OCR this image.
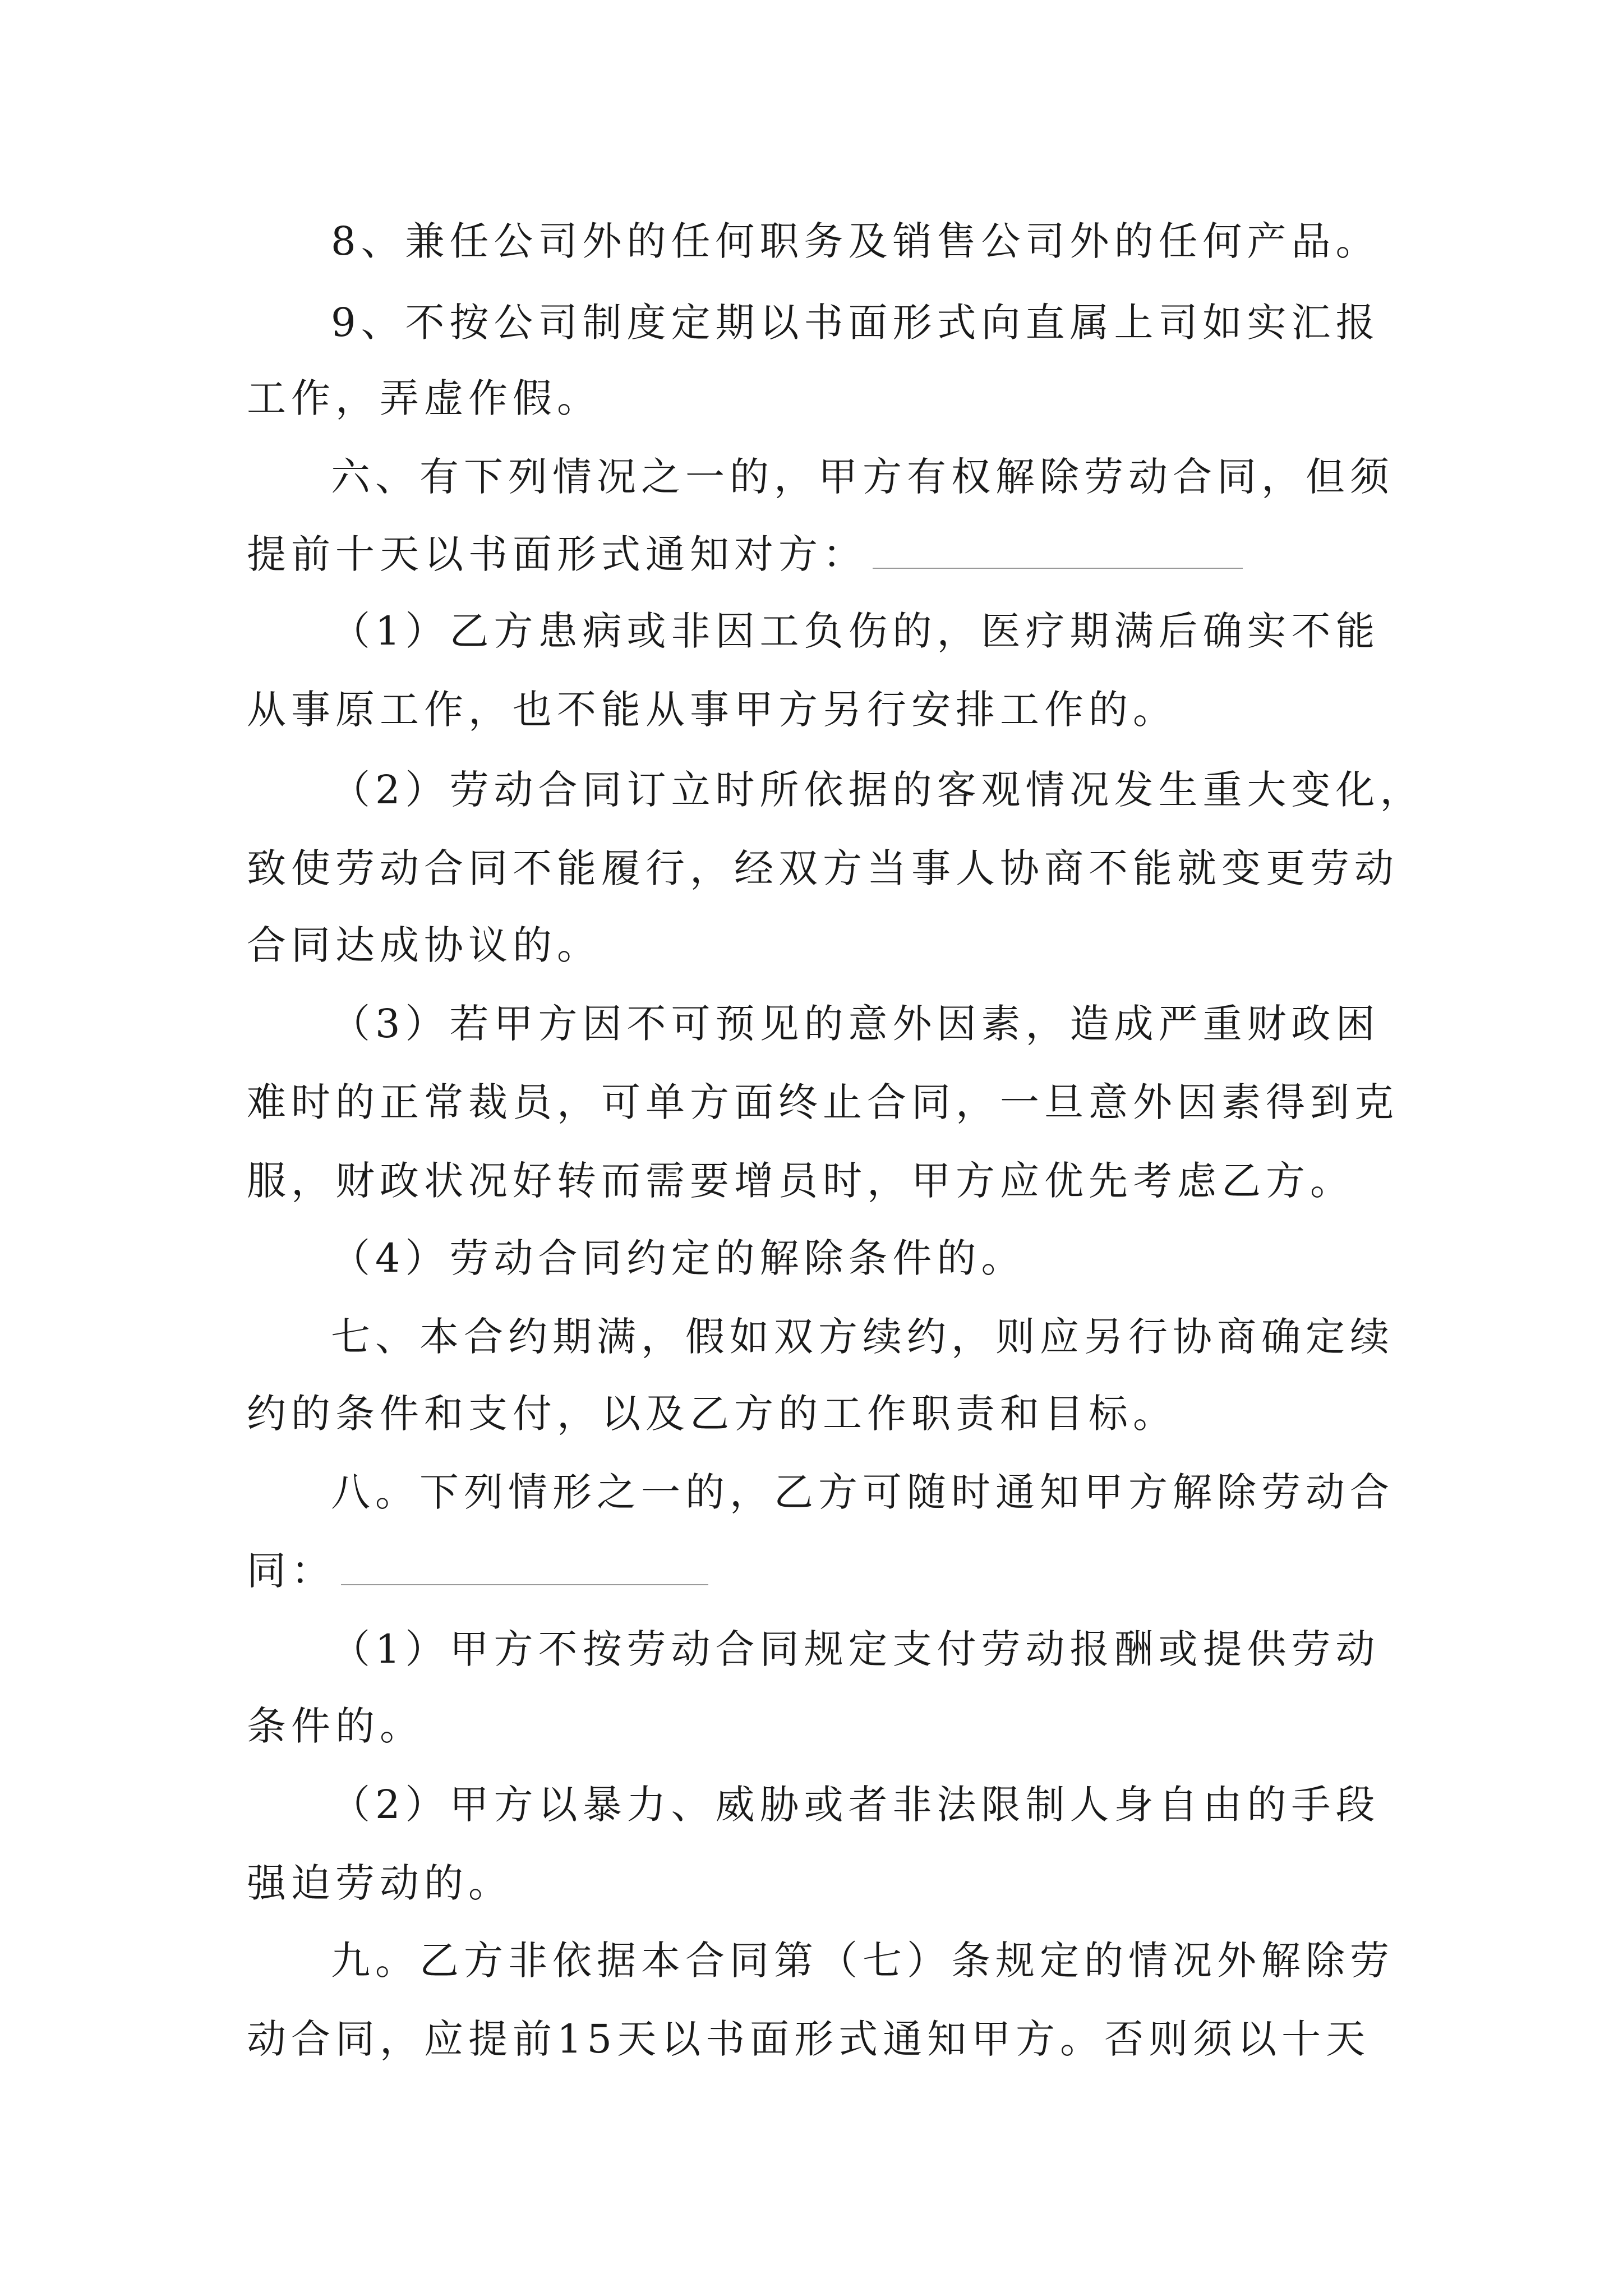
8、兼任公司外的任何职务及销售公司外的任何产品。
9、不按公司制度定期以书面形式向直属上司如实汇报
工作，弄虚作假。
六、有下列情况之一的，甲方有权解除劳动合同，但须
提前十天以书面形式通知对方：
（1）乙方患病或非因工负伤的，医疗期满后确实不能
从事原工作，也不能从事甲方另行安排工作的。
（2）劳动合同订立时所依据的客观情况发生重大变化，
致使劳动合同不能履行，经双方当事人协商不能就变更劳动
合同达成协议的。
（3）若甲方因不可预见的意外因素，造成严重财政困
难时的正常裁员，可单方面终止合同，一旦意外因素得到克
服，财政状况好转而需要增员时，甲方应优先考虑乙方。
（4）劳动合同约定的解除条件的。
七、本合约期满，假如双方续约，则应另行协商确定续
约的条件和支付，以及乙方的工作职责和目标。
八。下列情形之一的，乙方可随时通知甲方解除劳动合
同：
（1）甲方不按劳动合同规定支付劳动报酬或提供劳动
条件的。
（2）甲方以暴力、威胁或者非法限制人身自由的手段
强迫劳动的。
九。乙方非依据本合同第（七）条规定的情况外解除劳
动合同，应提前15天以书面形式通知甲方。否则须以十天
